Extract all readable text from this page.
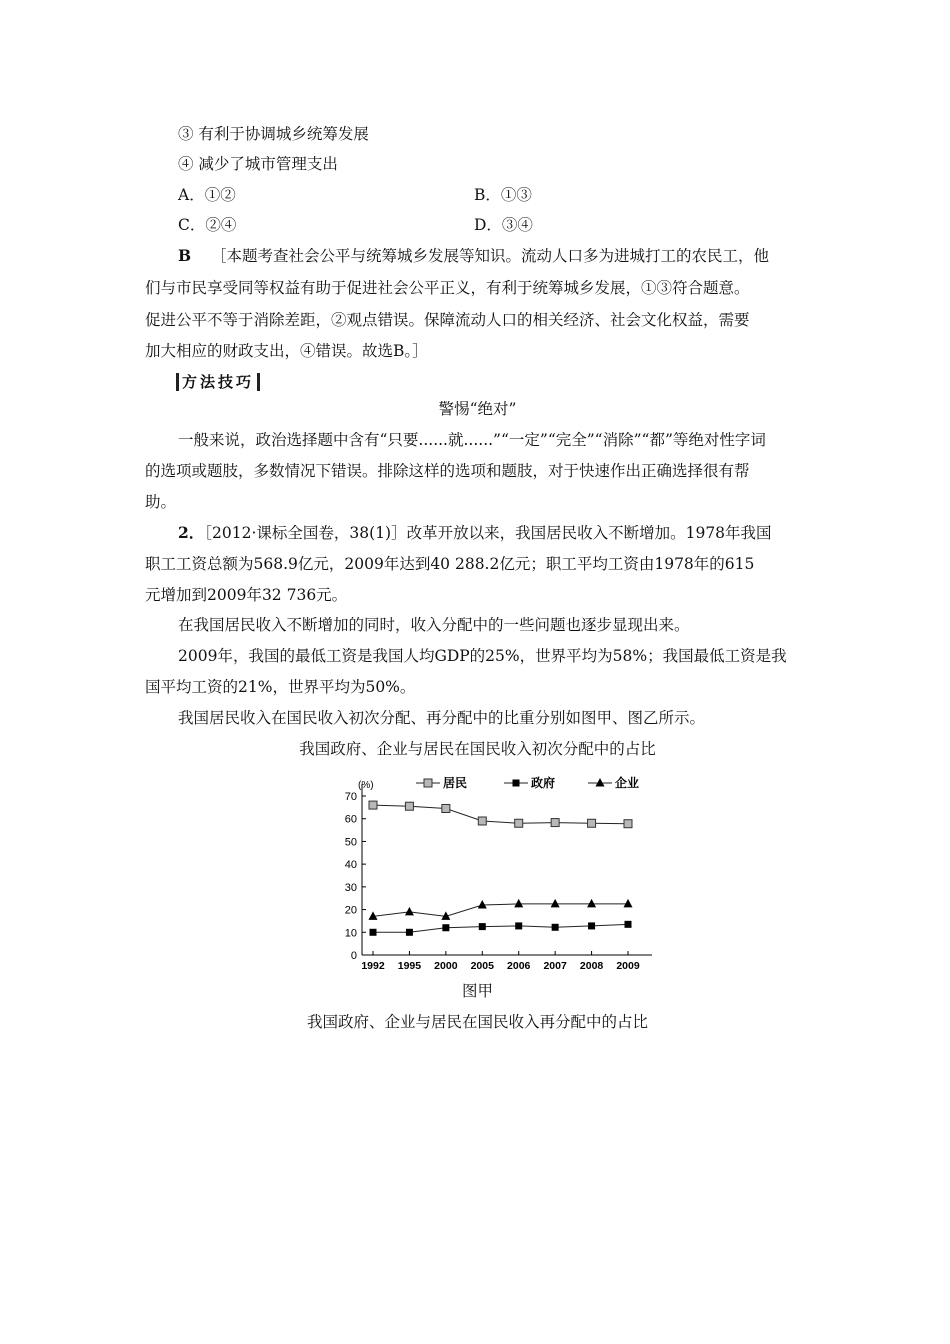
③ 有利于协调城乡统筹发展
④ 减少了城市管理支出
A．①②	B．①③
C．②④	D．③④
B ［本题考查社会公平与统筹城乡发展等知识。流动人口多为进城打工的农民工，他
们与市民享受同等权益有助于促进社会公平正义，有利于统筹城乡发展，①③符合题意。
促进公平不等于消除差距，②观点错误。保障流动人口的相关经济、社会文化权益，需要
加大相应的财政支出，④错误。故选B。］
方法技巧
警惕“绝对”
一般来说，政治选择题中含有“只要......就......”“一定”“完全”“消除”“都”等绝对性字词
的选项或题肢，多数情况下错误。排除这样的选项和题肢，对于快速作出正确选择很有帮
助。
2．［2012·课标全国卷，38(1)］改革开放以来，我国居民收入不断增加。1978年我国
职工工资总额为568.9亿元，2009年达到40 288.2亿元；职工平均工资由1978年的615
元增加到2009年32 736元。
在我国居民收入不断增加的同时，收入分配中的一些问题也逐步显现出来。
2009年，我国的最低工资是我国人均GDP的25%，世界平均为58%；我国最低工资是我
国平均工资的21%，世界平均为50%。
我国居民收入在国民收入初次分配、再分配中的比重分别如图甲、图乙所示。
我国政府、企业与居民在国民收入初次分配中的占比
0
10
20
30
40
50
60
70
(%)
1992 1995 2000 2005 2006 2007 2008 2009
居民	政府	企业
图甲
我国政府、企业与居民在国民收入再分配中的占比
